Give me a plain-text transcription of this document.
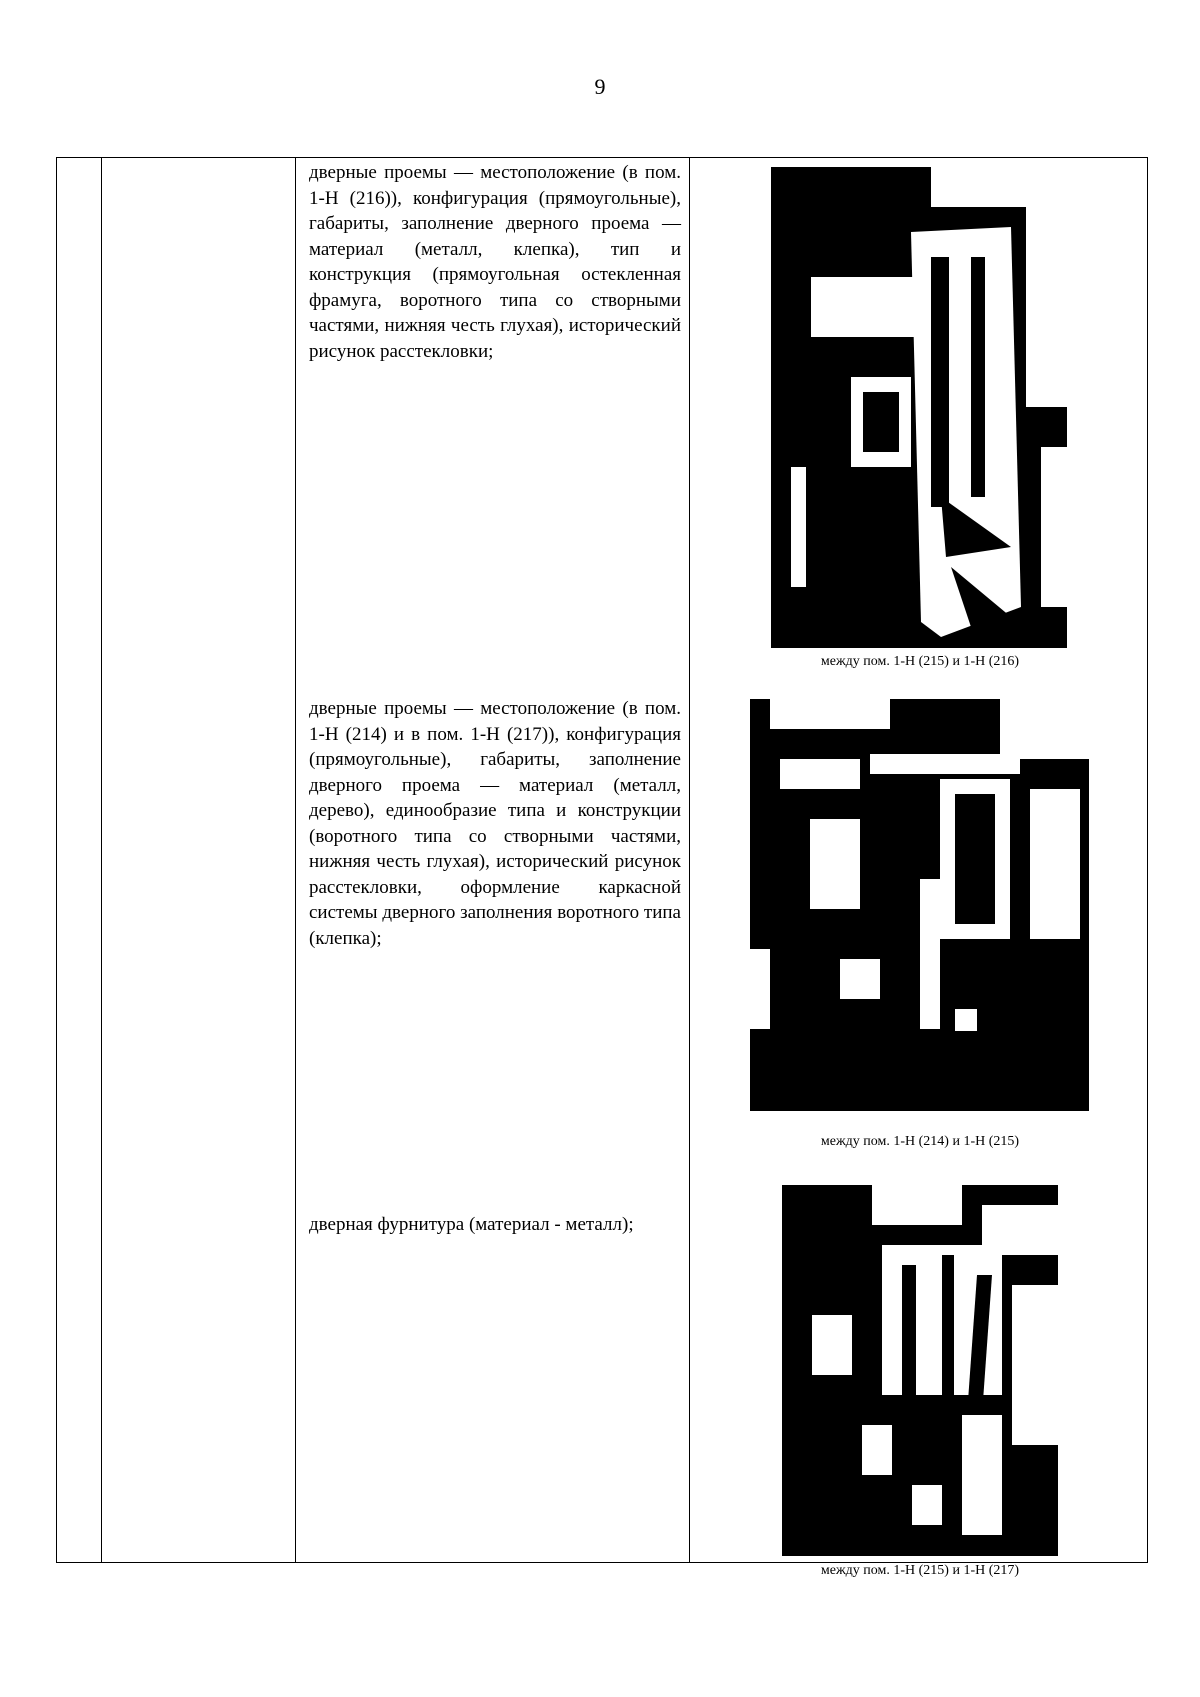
9
дверные проемы — местоположение (в пом. 1-Н (216)), конфигурация (прямоугольные), габариты, заполнение дверного проема — материал (металл, клепка), тип и конструкция (прямоугольная остекленная фрамуга, воротного типа со створными частями, нижняя честь глухая), исторический рисунок расстекловки;
между пом. 1-Н (215) и 1-Н (216)
дверные проемы — местоположение (в пом. 1-Н (214) и в пом. 1-Н (217)), конфигурация (прямоугольные), габариты, заполнение дверного проема — материал (металл, дерево), единообразие типа и конструкции (воротного типа со створными частями, нижняя честь глухая), исторический рисунок расстекловки, оформление каркасной системы дверного заполнения воротного типа (клепка);
между пом. 1-Н (214) и 1-Н (215)
дверная фурнитура (материал - металл);
между пом. 1-Н (215) и 1-Н (217)
